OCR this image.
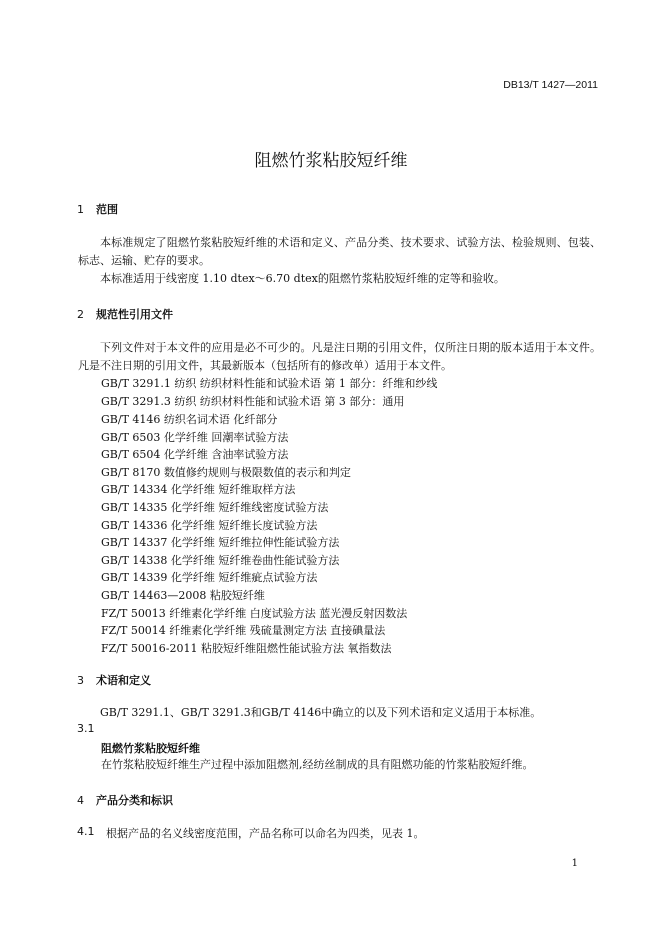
DB13/T 1427—2011
阻燃竹浆粘胶短纤维
1 范围
本标准规定了阻燃竹浆粘胶短纤维的术语和定义、产品分类、技术要求、试验方法、检验规则、包装、标志、运输、贮存的要求。
本标准适用于线密度 1.10 dtex～6.70 dtex的阻燃竹浆粘胶短纤维的定等和验收。
2 规范性引用文件
下列文件对于本文件的应用是必不可少的。凡是注日期的引用文件，仅所注日期的版本适用于本文件。凡是不注日期的引用文件，其最新版本（包括所有的修改单）适用于本文件。
GB/T 3291.1 纺织 纺织材料性能和试验术语 第 1 部分：纤维和纱线
GB/T 3291.3 纺织 纺织材料性能和试验术语 第 3 部分：通用
GB/T 4146 纺织名词术语 化纤部分
GB/T 6503 化学纤维 回潮率试验方法
GB/T 6504 化学纤维 含油率试验方法
GB/T 8170 数值修约规则与极限数值的表示和判定
GB/T 14334 化学纤维 短纤维取样方法
GB/T 14335 化学纤维 短纤维线密度试验方法
GB/T 14336 化学纤维 短纤维长度试验方法
GB/T 14337 化学纤维 短纤维拉伸性能试验方法
GB/T 14338 化学纤维 短纤维卷曲性能试验方法
GB/T 14339 化学纤维 短纤维疵点试验方法
GB/T 14463—2008 粘胶短纤维
FZ/T 50013 纤维素化学纤维 白度试验方法 蓝光漫反射因数法
FZ/T 50014 纤维素化学纤维 残硫量测定方法 直接碘量法
FZ/T 50016-2011 粘胶短纤维阻燃性能试验方法 氧指数法
3 术语和定义
GB/T 3291.1、GB/T 3291.3和GB/T 4146中确立的以及下列术语和定义适用于本标准。
3.1
阻燃竹浆粘胶短纤维
在竹浆粘胶短纤维生产过程中添加阻燃剂,经纺丝制成的具有阻燃功能的竹浆粘胶短纤维。
4 产品分类和标识
4.1 根据产品的名义线密度范围，产品名称可以命名为四类，见表 1。
1
